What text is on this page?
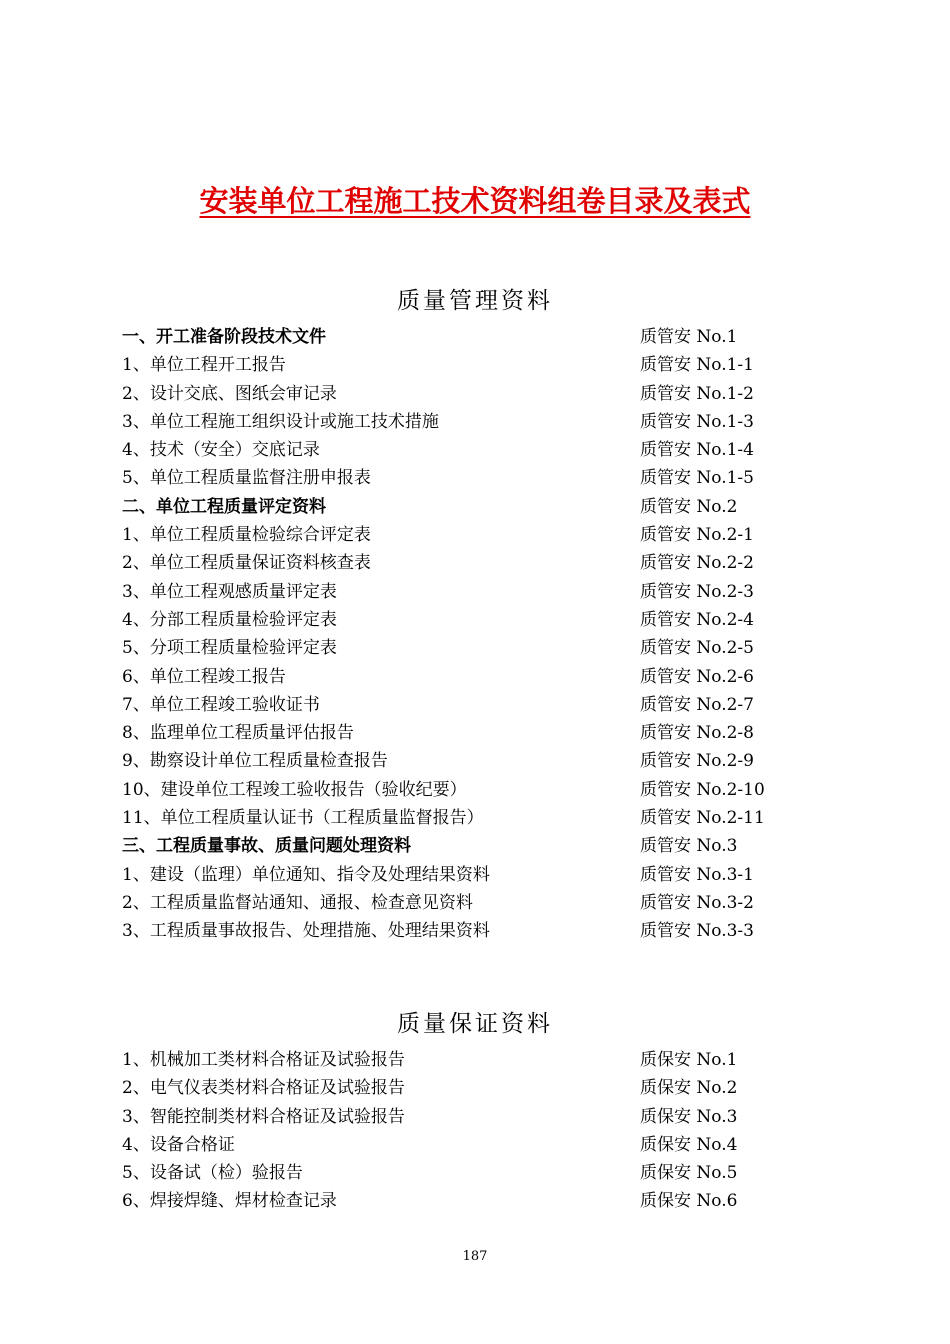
安装单位工程施工技术资料组卷目录及表式
质量管理资料
一、开工准备阶段技术文件	质管安 No.1
1、单位工程开工报告	质管安 No.1-1
2、设计交底、图纸会审记录	质管安 No.1-2
3、单位工程施工组织设计或施工技术措施	质管安 No.1-3
4、技术（安全）交底记录	质管安 No.1-4
5、单位工程质量监督注册申报表	质管安 No.1-5
二、单位工程质量评定资料	质管安 No.2
1、单位工程质量检验综合评定表	质管安 No.2-1
2、单位工程质量保证资料核查表	质管安 No.2-2
3、单位工程观感质量评定表	质管安 No.2-3
4、分部工程质量检验评定表	质管安 No.2-4
5、分项工程质量检验评定表	质管安 No.2-5
6、单位工程竣工报告	质管安 No.2-6
7、单位工程竣工验收证书	质管安 No.2-7
8、监理单位工程质量评估报告	质管安 No.2-8
9、勘察设计单位工程质量检查报告	质管安 No.2-9
10、建设单位工程竣工验收报告（验收纪要）	质管安 No.2-10
11、单位工程质量认证书（工程质量监督报告）	质管安 No.2-11
三、工程质量事故、质量问题处理资料	质管安 No.3
1、建设（监理）单位通知、指令及处理结果资料	质管安 No.3-1
2、工程质量监督站通知、通报、检查意见资料	质管安 No.3-2
3、工程质量事故报告、处理措施、处理结果资料	质管安 No.3-3
质量保证资料
1、机械加工类材料合格证及试验报告	质保安 No.1
2、电气仪表类材料合格证及试验报告	质保安 No.2
3、智能控制类材料合格证及试验报告	质保安 No.3
4、设备合格证	质保安 No.4
5、设备试（检）验报告	质保安 No.5
6、焊接焊缝、焊材检查记录	质保安 No.6
187
